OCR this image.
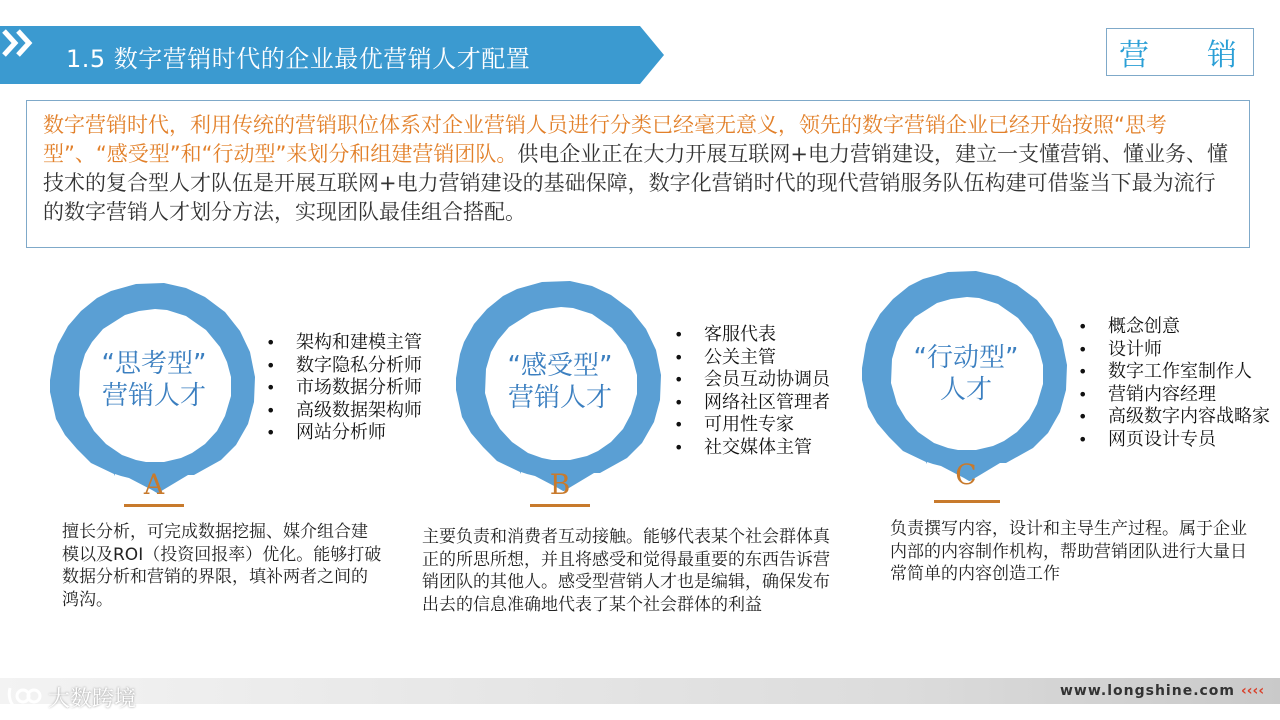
1.5 数字营销时代的企业最优营销人才配置	营 销
数字营销时代，利用传统的营销职位体系对企业营销人员进行分类已经毫无意义，领先的数字营销企业已经开始按照“思考型”、“感受型”和“行动型”来划分和组建营销团队。供电企业正在大力开展互联网+电力营销建设，建立一支懂营销、懂业务、懂技术的复合型人才队伍是开展互联网+电力营销建设的基础保障，数字化营销时代的现代营销服务队伍构建可借鉴当下最为流行的数字营销人才划分方法，实现团队最佳组合搭配。
“思考型”
营销人才
A
• 架构和建模主管
• 数字隐私分析师
• 市场数据分析师
• 高级数据架构师
• 网站分析师
擅长分析，可完成数据挖掘、媒介组合建模以及ROI（投资回报率）优化。能够打破数据分析和营销的界限，填补两者之间的鸿沟。
“感受型”
营销人才
B
• 客服代表
• 公关主管
• 会员互动协调员
• 网络社区管理者
• 可用性专家
• 社交媒体主管
主要负责和消费者互动接触。能够代表某个社会群体真正的所思所想，并且将感受和觉得最重要的东西告诉营销团队的其他人。感受型营销人才也是编辑，确保发布出去的信息准确地代表了某个社会群体的利益
“行动型”
人才
C
• 概念创意
• 设计师
• 数字工作室制作人
• 营销内容经理
• 高级数字内容战略家
• 网页设计专员
负责撰写内容，设计和主导生产过程。属于企业内部的内容制作机构，帮助营销团队进行大量日常简单的内容创造工作
大数跨境	www.longshine.com ‹‹‹‹
